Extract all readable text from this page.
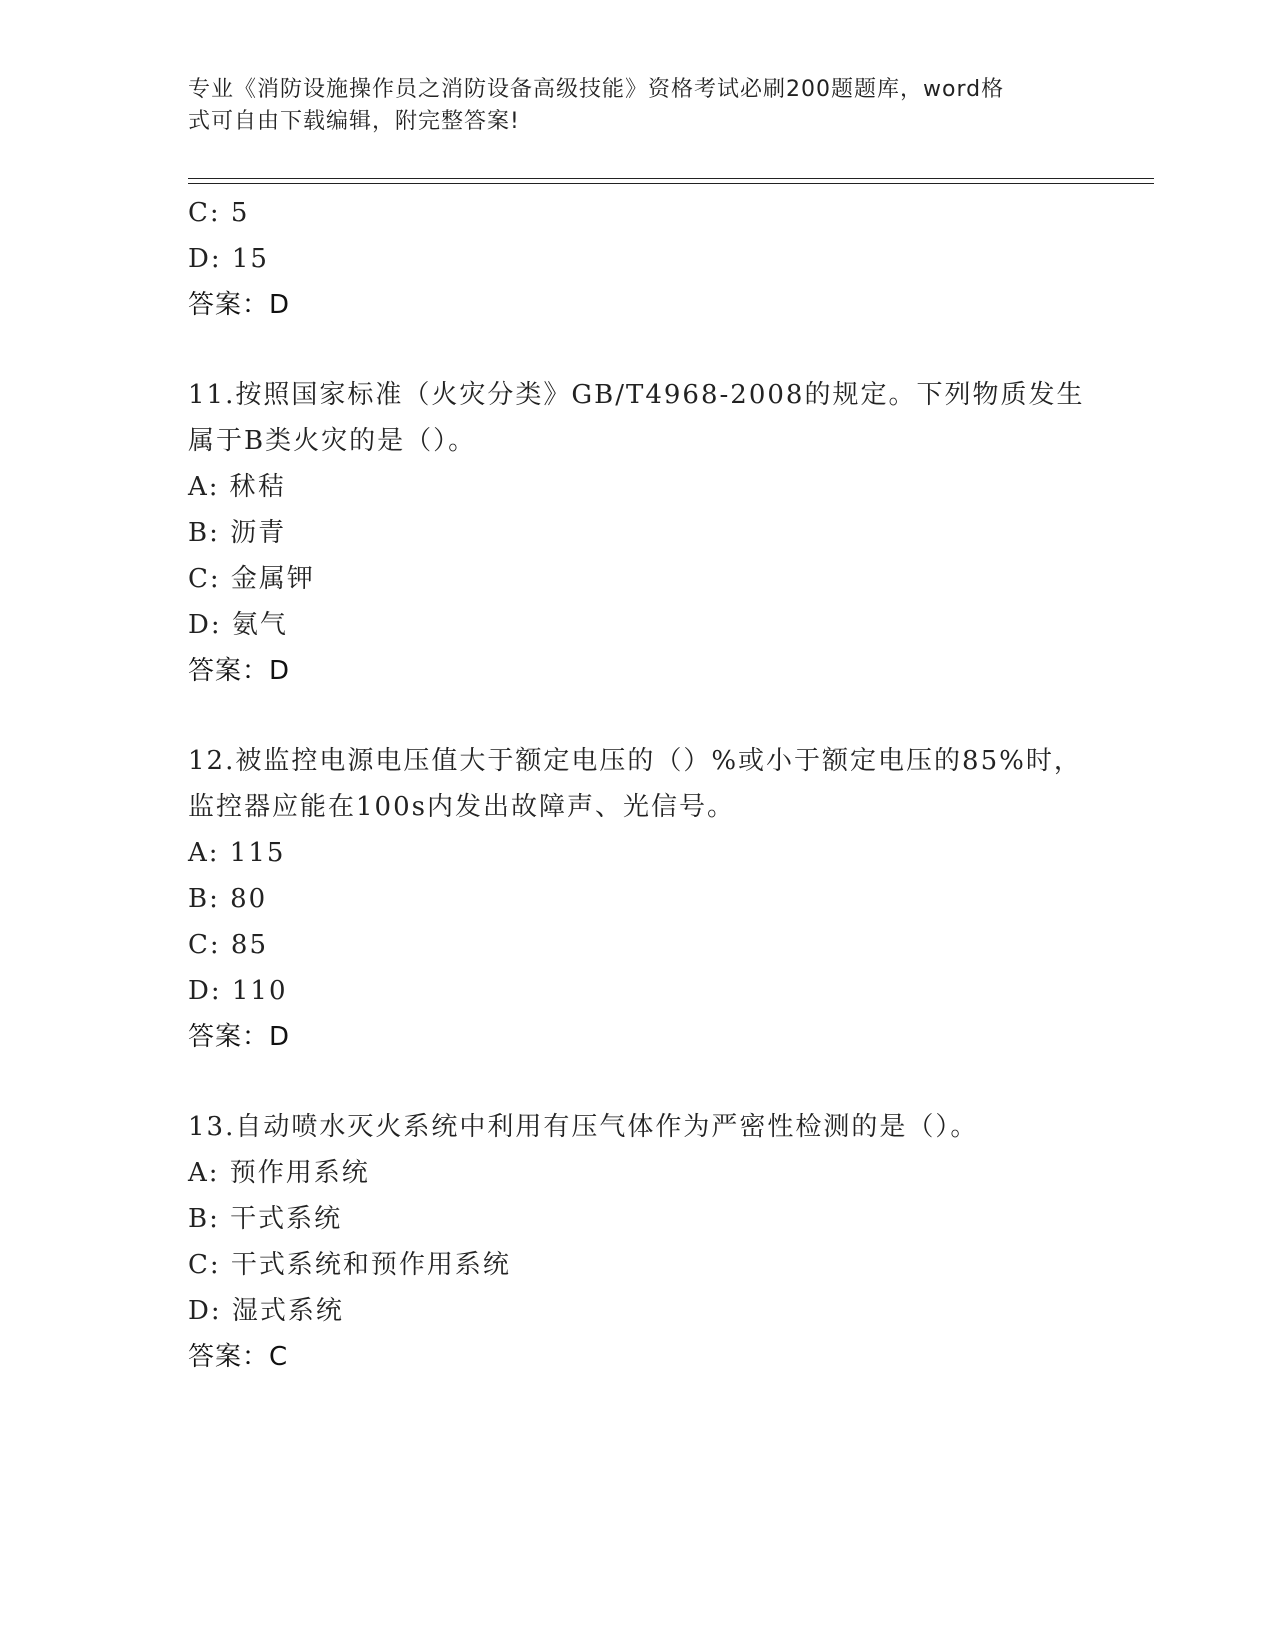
专业《消防设施操作员之消防设备高级技能》资格考试必刷200题题库，word格
式可自由下载编辑，附完整答案!
C: 5
D: 15
答案：D
11.按照国家标准（火灾分类》GB/T4968-2008的规定。下列物质发生
属于B类火灾的是（）。
A: 秫秸
B: 沥青
C: 金属钾
D: 氨气
答案：D
12.被监控电源电压值大于额定电压的（）%或小于额定电压的85%时，
监控器应能在100s内发出故障声、光信号。
A: 115
B: 80
C: 85
D: 110
答案：D
13.自动喷水灭火系统中利用有压气体作为严密性检测的是（）。
A: 预作用系统
B: 干式系统
C: 干式系统和预作用系统
D: 湿式系统
答案：C
